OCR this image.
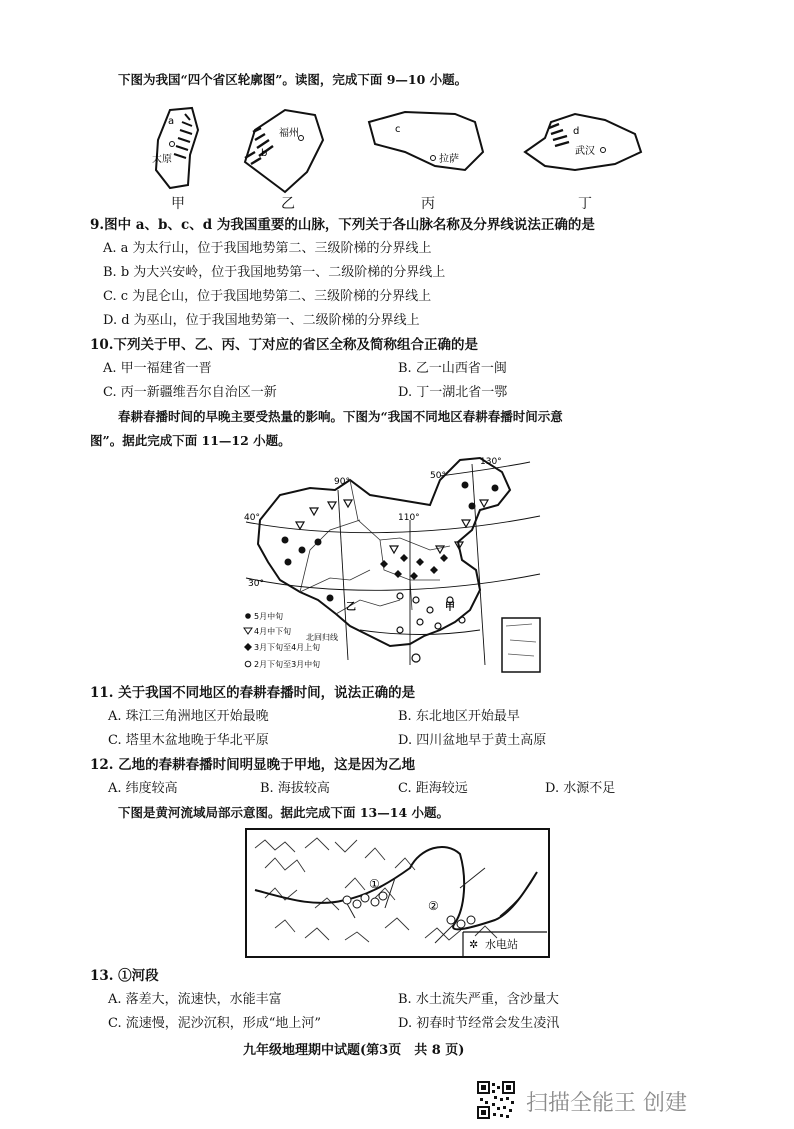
下图为我国“四个省区轮廓图”。读图，完成下面 9—10 小题。
a
太原
福州
b
c
拉萨
d
武汉
甲	乙	丙	丁
9.图中 a、b、c、d 为我国重要的山脉，下列关于各山脉名称及分界线说法正确的是
A. a 为太行山，位于我国地势第二、三级阶梯的分界线上
B. b 为大兴安岭，位于我国地势第一、二级阶梯的分界线上
C. c 为昆仑山，位于我国地势第二、三级阶梯的分界线上
D. d 为巫山，位于我国地势第一、二级阶梯的分界线上
10.下列关于甲、乙、丙、丁对应的省区全称及简称组合正确的是
A. 甲一福建省一晋	B. 乙一山西省一闽
C. 丙一新疆维吾尔自治区一新	D. 丁一湖北省一鄂
春耕春播时间的早晚主要受热量的影响。下图为“我国不同地区春耕春播时间示意
图”。据此完成下面 11—12 小题。
90°
110°
130°
40°
30°
50°
甲
乙
北回归线
5月中旬
4月中下旬
3月下旬至4月上旬
2月下旬至3月中旬
11. 关于我国不同地区的春耕春播时间，说法正确的是
A. 珠江三角洲地区开始最晚	B. 东北地区开始最早
C. 塔里木盆地晚于华北平原	D. 四川盆地早于黄土高原
12. 乙地的春耕春播时间明显晚于甲地，这是因为乙地
A. 纬度较高	B. 海拔较高	C. 距海较远	D. 水源不足
下图是黄河流域局部示意图。据此完成下面 13—14 小题。
①
②
✲ 水电站
13. ①河段
A. 落差大，流速快，水能丰富	B. 水土流失严重，含沙量大
C. 流速慢，泥沙沉积，形成“地上河”	D. 初春时节经常会发生凌汛
九年级地理期中试题(第3页　共 8 页)
扫描全能王 创建
